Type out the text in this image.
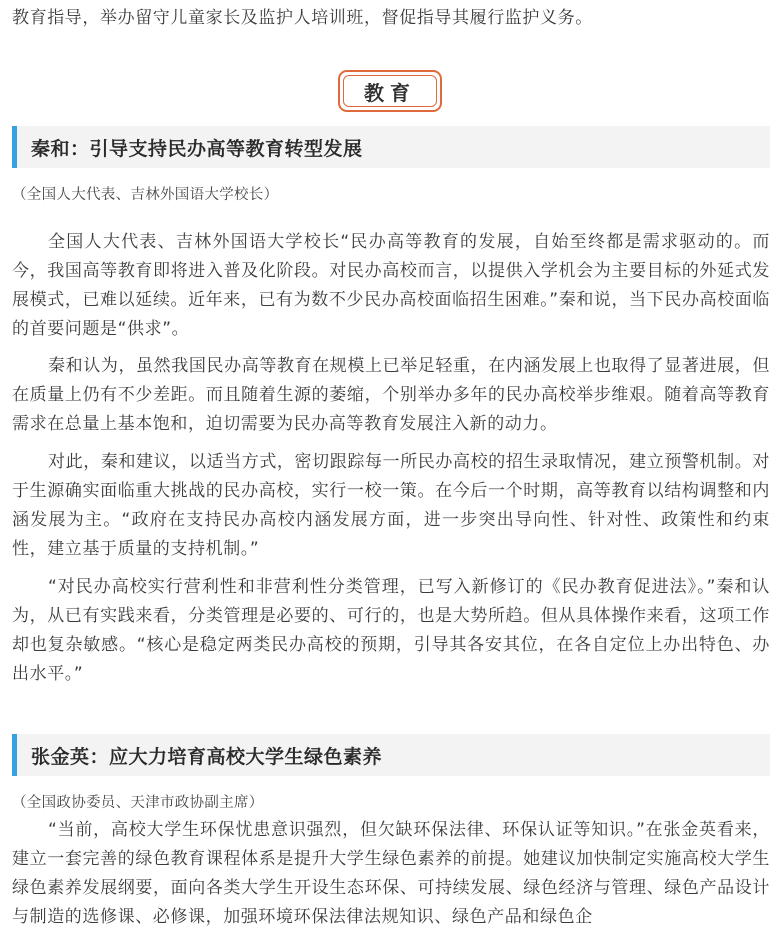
教育指导，举办留守儿童家长及监护人培训班，督促指导其履行监护义务。

教育
秦和：引导支持民办高等教育转型发展
（全国人大代表、吉林外国语大学校长）

全国人大代表、吉林外国语大学校长“民办高等教育的发展，自始至终都是需求驱动的。而今，我国高等教育即将进入普及化阶段。对民办高校而言，以提供入学机会为主要目标的外延式发展模式，已难以延续。近年来，已有为数不少民办高校面临招生困难。”秦和说，当下民办高校面临的首要问题是“供求”。

秦和认为，虽然我国民办高等教育在规模上已举足轻重，在内涵发展上也取得了显著进展，但在质量上仍有不少差距。而且随着生源的萎缩，个别举办多年的民办高校举步维艰。随着高等教育需求在总量上基本饱和，迫切需要为民办高等教育发展注入新的动力。

对此，秦和建议，以适当方式，密切跟踪每一所民办高校的招生录取情况，建立预警机制。对于生源确实面临重大挑战的民办高校，实行一校一策。在今后一个时期，高等教育以结构调整和内涵发展为主。“政府在支持民办高校内涵发展方面，进一步突出导向性、针对性、政策性和约束性，建立基于质量的支持机制。”

“对民办高校实行营利性和非营利性分类管理，已写入新修订的《民办教育促进法》。”秦和认为，从已有实践来看，分类管理是必要的、可行的，也是大势所趋。但从具体操作来看，这项工作却也复杂敏感。“核心是稳定两类民办高校的预期，引导其各安其位，在各自定位上办出特色、办出水平。”

张金英：应大力培育高校大学生绿色素养
（全国政协委员、天津市政协副主席）

“当前，高校大学生环保忧患意识强烈，但欠缺环保法律、环保认证等知识。”在张金英看来，建立一套完善的绿色教育课程体系是提升大学生绿色素养的前提。她建议加快制定实施高校大学生绿色素养发展纲要，面向各类大学生开设生态环保、可持续发展、绿色经济与管理、绿色产品设计与制造的选修课、必修课，加强环境环保法律法规知识、绿色产品和绿色企
